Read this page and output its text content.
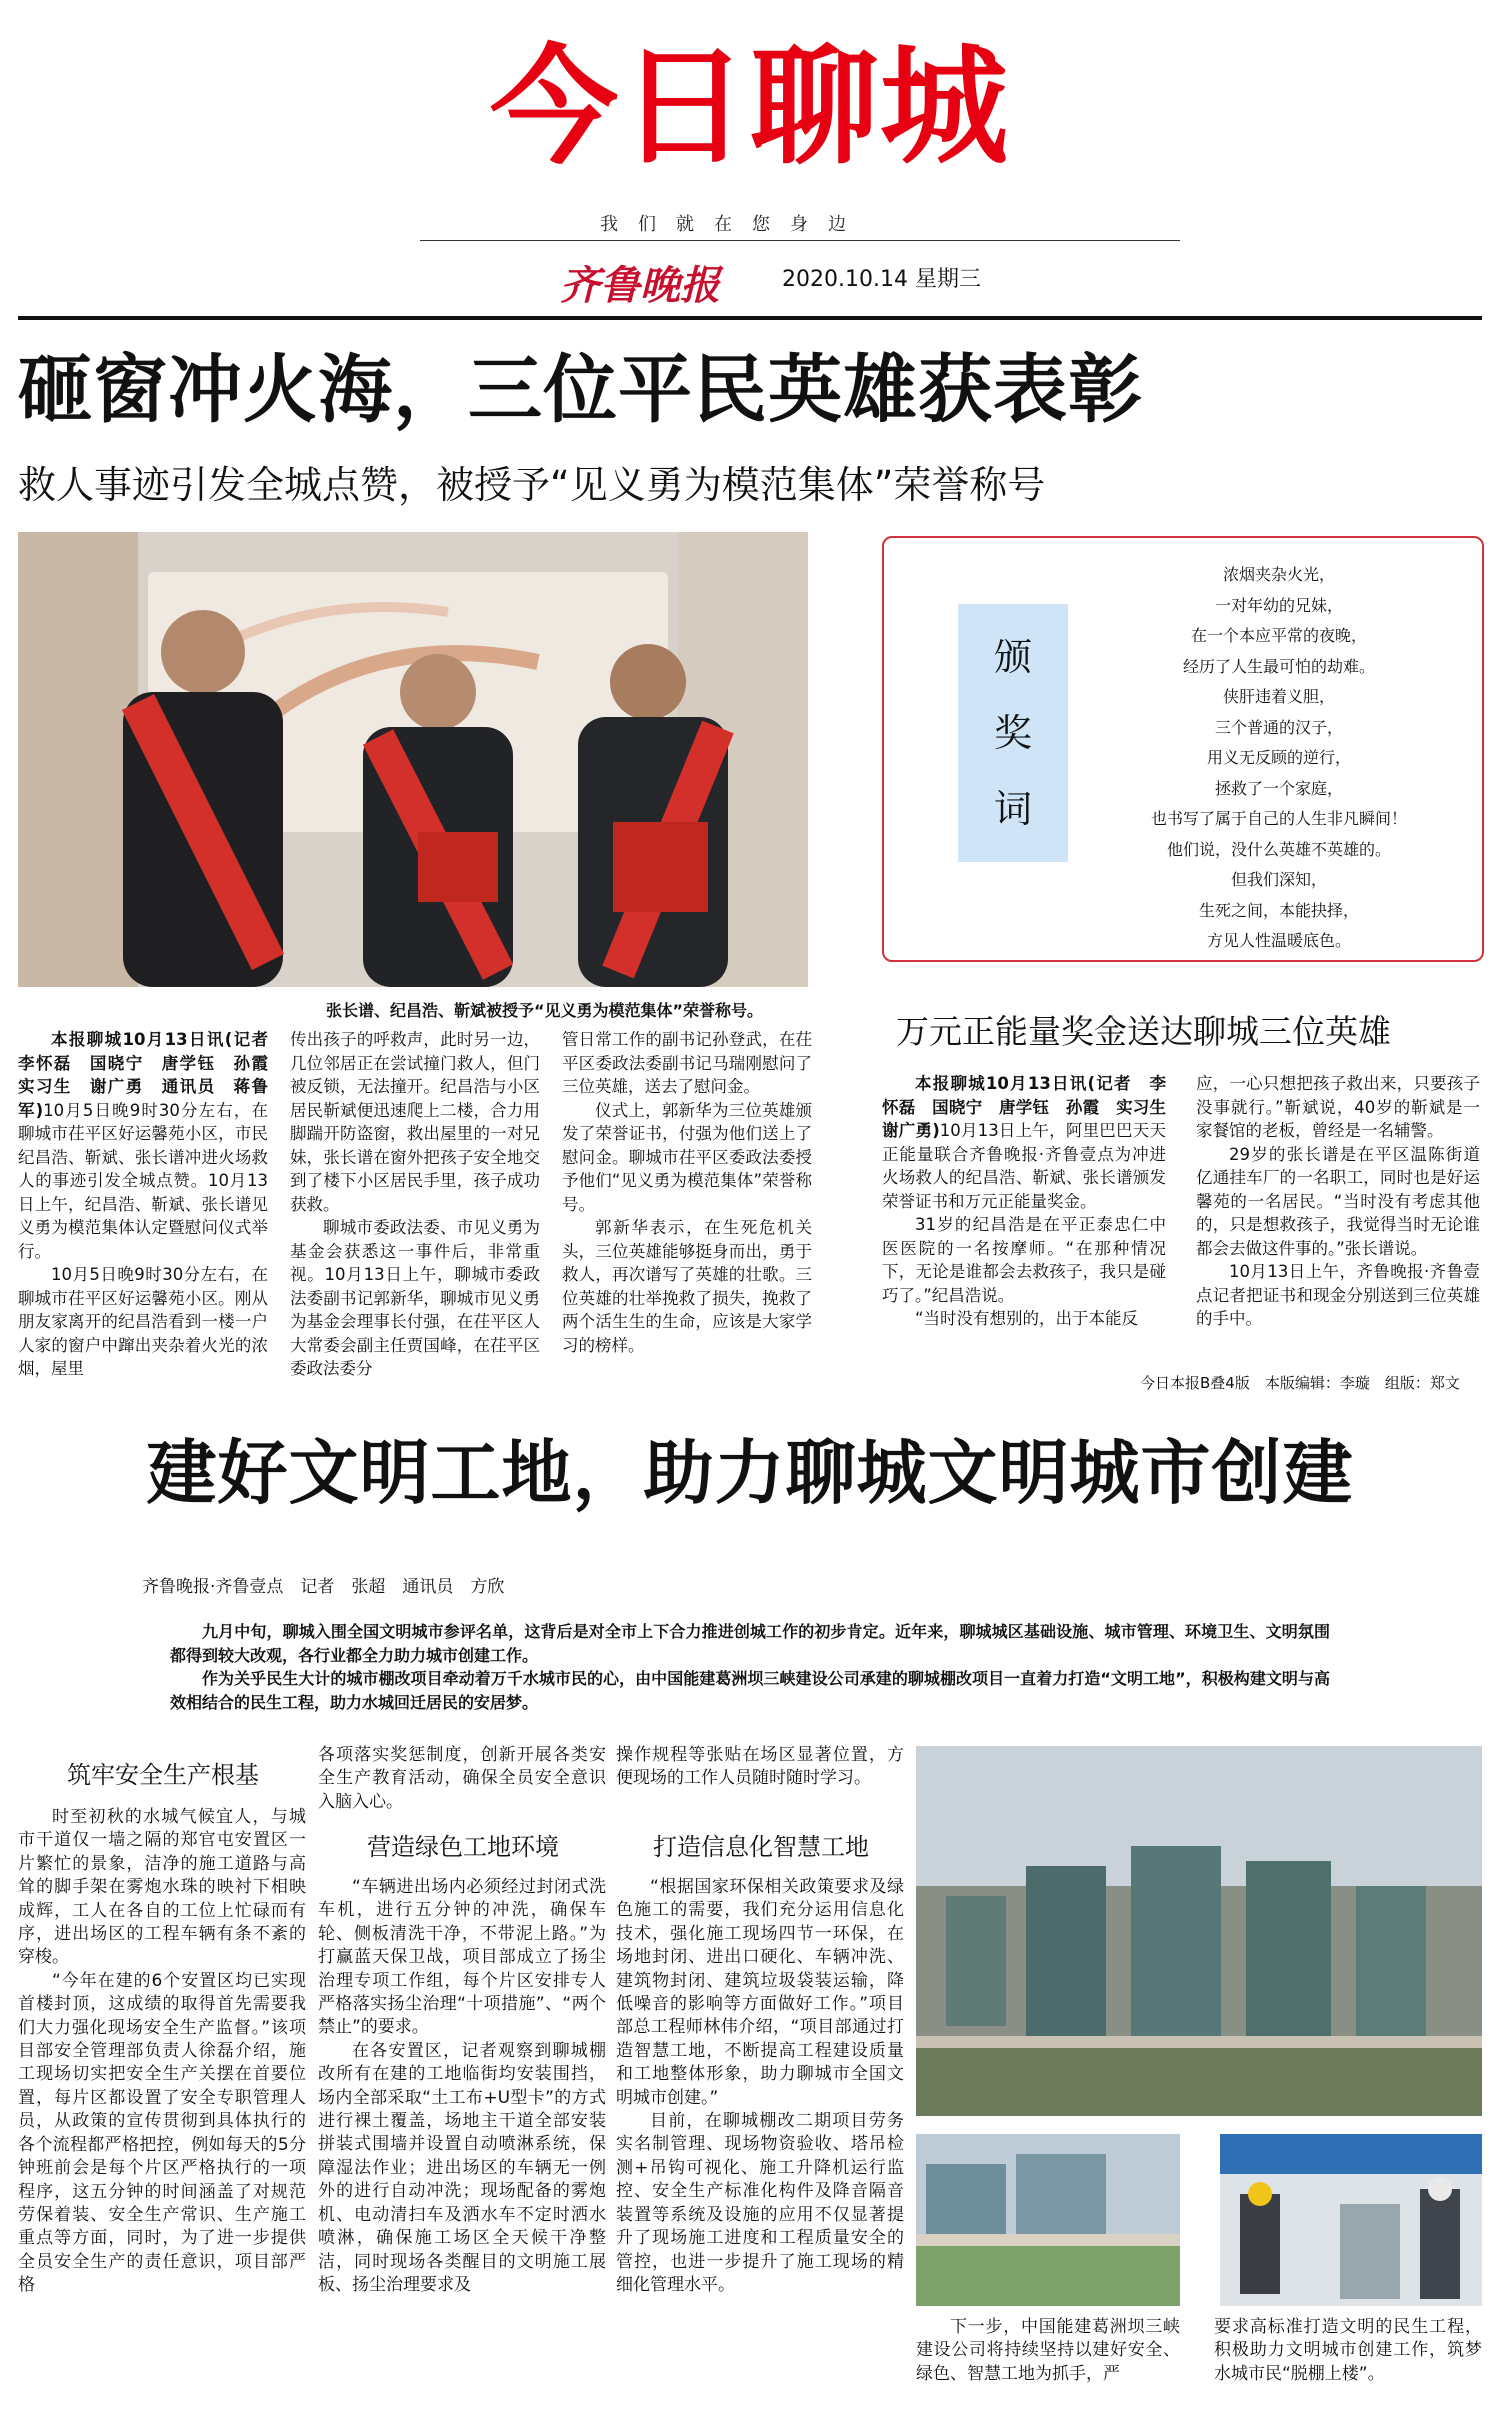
今日聊城
我们就在您身边
齐鲁晚报	2020.10.14 星期三
砸窗冲火海，三位平民英雄获表彰
救人事迹引发全城点赞，被授予“见义勇为模范集体”荣誉称号
张长谱、纪昌浩、靳斌被授予“见义勇为模范集体”荣誉称号。

本报聊城10月13日讯(记者　李怀磊　国晓宁　唐学钰　孙霞　实习生　谢广勇　通讯员　蒋鲁军)10月5日晚9时30分左右，在聊城市茌平区好运馨苑小区，市民纪昌浩、靳斌、张长谱冲进火场救人的事迹引发全城点赞。10月13日上午，纪昌浩、靳斌、张长谱见义勇为模范集体认定暨慰问仪式举行。

10月5日晚9时30分左右，在聊城市茌平区好运馨苑小区。刚从朋友家离开的纪昌浩看到一楼一户人家的窗户中蹿出夹杂着火光的浓烟，屋里

传出孩子的呼救声，此时另一边，几位邻居正在尝试撞门救人，但门被反锁，无法撞开。纪昌浩与小区居民靳斌便迅速爬上二楼，合力用脚踹开防盗窗，救出屋里的一对兄妹，张长谱在窗外把孩子安全地交到了楼下小区居民手里，孩子成功获救。

聊城市委政法委、市见义勇为基金会获悉这一事件后，非常重视。10月13日上午，聊城市委政法委副书记郭新华，聊城市见义勇为基金会理事长付强，在茌平区人大常委会副主任贾国峰，在茌平区委政法委分

管日常工作的副书记孙登武，在茌平区委政法委副书记马瑞刚慰问了三位英雄，送去了慰问金。

仪式上，郭新华为三位英雄颁发了荣誉证书，付强为他们送上了慰问金。聊城市茌平区委政法委授予他们“见义勇为模范集体”荣誉称号。

郭新华表示，在生死危机关头，三位英雄能够挺身而出，勇于救人，再次谱写了英雄的壮歌。三位英雄的壮举挽救了损失，挽救了两个活生生的生命，应该是大家学习的榜样。

颁
奖
词
浓烟夹杂火光，
一对年幼的兄妹，
在一个本应平常的夜晚，
经历了人生最可怕的劫难。
侠肝违着义胆，
三个普通的汉子，
用义无反顾的逆行，
拯救了一个家庭，
也书写了属于自己的人生非凡瞬间！
他们说，没什么英雄不英雄的。
但我们深知，
生死之间，本能抉择，
方见人性温暖底色。
万元正能量奖金送达聊城三位英雄

本报聊城10月13日讯(记者　李怀磊　国晓宁　唐学钰　孙霞　实习生　谢广勇)10月13日上午，阿里巴巴天天正能量联合齐鲁晚报·齐鲁壹点为冲进火场救人的纪昌浩、靳斌、张长谱颁发荣誉证书和万元正能量奖金。

31岁的纪昌浩是在平正泰忠仁中医医院的一名按摩师。“在那种情况下，无论是谁都会去救孩子，我只是碰巧了。”纪昌浩说。

“当时没有想别的，出于本能反

应，一心只想把孩子救出来，只要孩子没事就行。”靳斌说，40岁的靳斌是一家餐馆的老板，曾经是一名辅警。

29岁的张长谱是在平区温陈街道亿通挂车厂的一名职工，同时也是好运馨苑的一名居民。“当时没有考虑其他的，只是想救孩子，我觉得当时无论谁都会去做这件事的。”张长谱说。

10月13日上午，齐鲁晚报·齐鲁壹点记者把证书和现金分别送到三位英雄的手中。

今日本报B叠4版　本版编辑：李璇　组版：郑文
建好文明工地，助力聊城文明城市创建
齐鲁晚报·齐鲁壹点　记者　张超　通讯员　方欣

九月中旬，聊城入围全国文明城市参评名单，这背后是对全市上下合力推进创城工作的初步肯定。近年来，聊城城区基础设施、城市管理、环境卫生、文明氛围都得到较大改观，各行业都全力助力城市创建工作。

作为关乎民生大计的城市棚改项目牵动着万千水城市民的心，由中国能建葛洲坝三峡建设公司承建的聊城棚改项目一直着力打造“文明工地”，积极构建文明与高效相结合的民生工程，助力水城回迁居民的安居梦。

筑牢安全生产根基

时至初秋的水城气候宜人，与城市干道仅一墙之隔的郑官屯安置区一片繁忙的景象，洁净的施工道路与高耸的脚手架在雾炮水珠的映衬下相映成辉，工人在各自的工位上忙碌而有序，进出场区的工程车辆有条不紊的穿梭。

“今年在建的6个安置区均已实现首楼封顶，这成绩的取得首先需要我们大力强化现场安全生产监督。”该项目部安全管理部负责人徐磊介绍，施工现场切实把安全生产关摆在首要位置，每片区都设置了安全专职管理人员，从政策的宣传贯彻到具体执行的各个流程都严格把控，例如每天的5分钟班前会是每个片区严格执行的一项程序，这五分钟的时间涵盖了对规范劳保着装、安全生产常识、生产施工重点等方面，同时，为了进一步提供全员安全生产的责任意识，项目部严格

各项落实奖惩制度，创新开展各类安全生产教育活动，确保全员安全意识入脑入心。

营造绿色工地环境

“车辆进出场内必须经过封闭式洗车机，进行五分钟的冲洗，确保车轮、侧板清洗干净，不带泥上路。”为打赢蓝天保卫战，项目部成立了扬尘治理专项工作组，每个片区安排专人严格落实扬尘治理“十项措施”、“两个禁止”的要求。

在各安置区，记者观察到聊城棚改所有在建的工地临街均安装围挡，场内全部采取“土工布+U型卡”的方式进行裸土覆盖，场地主干道全部安装拼装式围墙并设置自动喷淋系统，保障湿法作业；进出场区的车辆无一例外的进行自动冲洗；现场配备的雾炮机、电动清扫车及洒水车不定时洒水喷淋，确保施工场区全天候干净整洁，同时现场各类醒目的文明施工展板、扬尘治理要求及

操作规程等张贴在场区显著位置，方便现场的工作人员随时随时学习。

打造信息化智慧工地

“根据国家环保相关政策要求及绿色施工的需要，我们充分运用信息化技术，强化施工现场四节一环保，在场地封闭、进出口硬化、车辆冲洗、建筑物封闭、建筑垃圾袋装运输，降低噪音的影响等方面做好工作。”项目部总工程师林伟介绍，“项目部通过打造智慧工地，不断提高工程建设质量和工地整体形象，助力聊城市全国文明城市创建。”

目前，在聊城棚改二期项目劳务实名制管理、现场物资验收、塔吊检测+吊钩可视化、施工升降机运行监控、安全生产标准化构件及降音隔音装置等系统及设施的应用不仅显著提升了现场施工进度和工程质量安全的管控，也进一步提升了施工现场的精细化管理水平。

下一步，中国能建葛洲坝三峡建设公司将持续坚持以建好安全、绿色、智慧工地为抓手，严
要求高标准打造文明的民生工程，积极助力文明城市创建工作，筑梦水城市民“脱棚上楼”。
